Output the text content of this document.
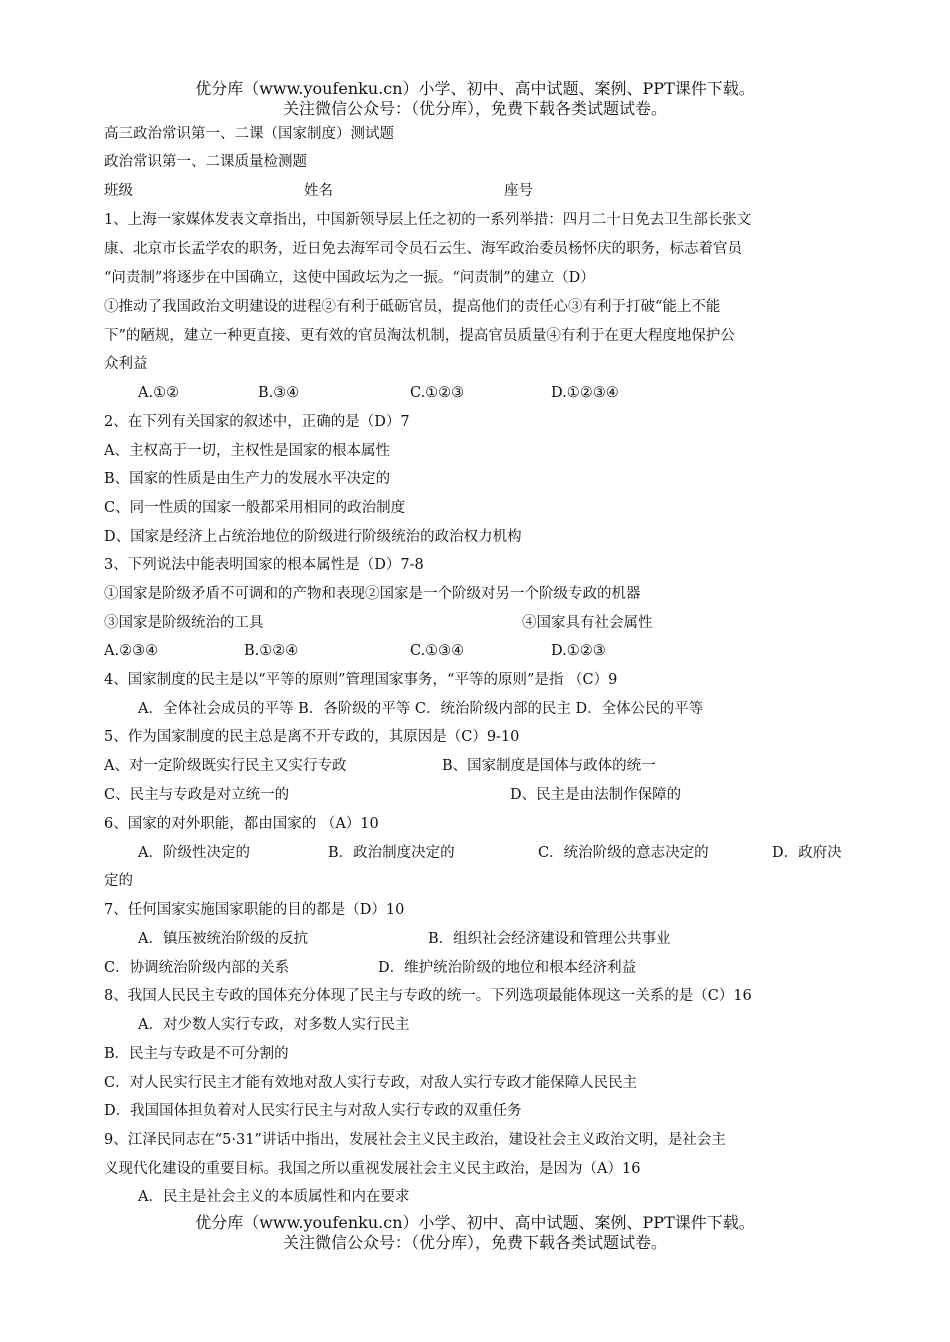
优分库（www.youfenku.cn）小学、初中、高中试题、案例、PPT课件下载。
关注微信公众号：（优分库），免费下载各类试题试卷。
高三政治常识第一、二课（国家制度）测试题
政治常识第一、二课质量检测题
班级	姓名	座号
1、上海一家媒体发表文章指出，中国新领导层上任之初的一系列举措：四月二十日免去卫生部长张文
康、北京市长孟学农的职务，近日免去海军司令员石云生、海军政治委员杨怀庆的职务，标志着官员
“问责制”将逐步在中国确立，这使中国政坛为之一振。“问责制”的建立（D）
①推动了我国政治文明建设的进程②有利于砥砺官员，提高他们的责任心③有利于打破“能上不能
下”的陋规，建立一种更直接、更有效的官员淘汰机制，提高官员质量④有利于在更大程度地保护公
众利益
A.①②	B.③④	C.①②③	D.①②③④
2、在下列有关国家的叙述中，正确的是（D）7
A、主权高于一切，主权性是国家的根本属性
B、国家的性质是由生产力的发展水平决定的
C、同一性质的国家一般都采用相同的政治制度
D、国家是经济上占统治地位的阶级进行阶级统治的政治权力机构
3、下列说法中能表明国家的根本属性是（D）7-8
①国家是阶级矛盾不可调和的产物和表现②国家是一个阶级对另一个阶级专政的机器
③国家是阶级统治的工具	④国家具有社会属性
A.②③④	B.①②④	C.①③④	D.①②③
4、国家制度的民主是以“平等的原则”管理国家事务，“平等的原则”是指 （C）9
A．全体社会成员的平等 B．各阶级的平等 C．统治阶级内部的民主 D．全体公民的平等
5、作为国家制度的民主总是离不开专政的，其原因是（C）9-10
A、对一定阶级既实行民主又实行专政	B、国家制度是国体与政体的统一
C、民主与专政是对立统一的	D、民主是由法制作保障的
6、国家的对外职能，都由国家的 （A）10
A．阶级性决定的	B．政治制度决定的	C．统治阶级的意志决定的	D．政府决
定的
7、任何国家实施国家职能的目的都是（D）10
A．镇压被统治阶级的反抗	B．组织社会经济建设和管理公共事业
C．协调统治阶级内部的关系	D．维护统治阶级的地位和根本经济利益
8、我国人民民主专政的国体充分体现了民主与专政的统一。下列选项最能体现这一关系的是（C）16
A．对少数人实行专政，对多数人实行民主
B．民主与专政是不可分割的
C．对人民实行民主才能有效地对敌人实行专政，对敌人实行专政才能保障人民民主
D．我国国体担负着对人民实行民主与对敌人实行专政的双重任务
9、江泽民同志在“5·31”讲话中指出，发展社会主义民主政治，建设社会主义政治文明，是社会主
义现代化建设的重要目标。我国之所以重视发展社会主义民主政治，是因为（A）16
A．民主是社会主义的本质属性和内在要求
优分库（www.youfenku.cn）小学、初中、高中试题、案例、PPT课件下载。
关注微信公众号：（优分库），免费下载各类试题试卷。
